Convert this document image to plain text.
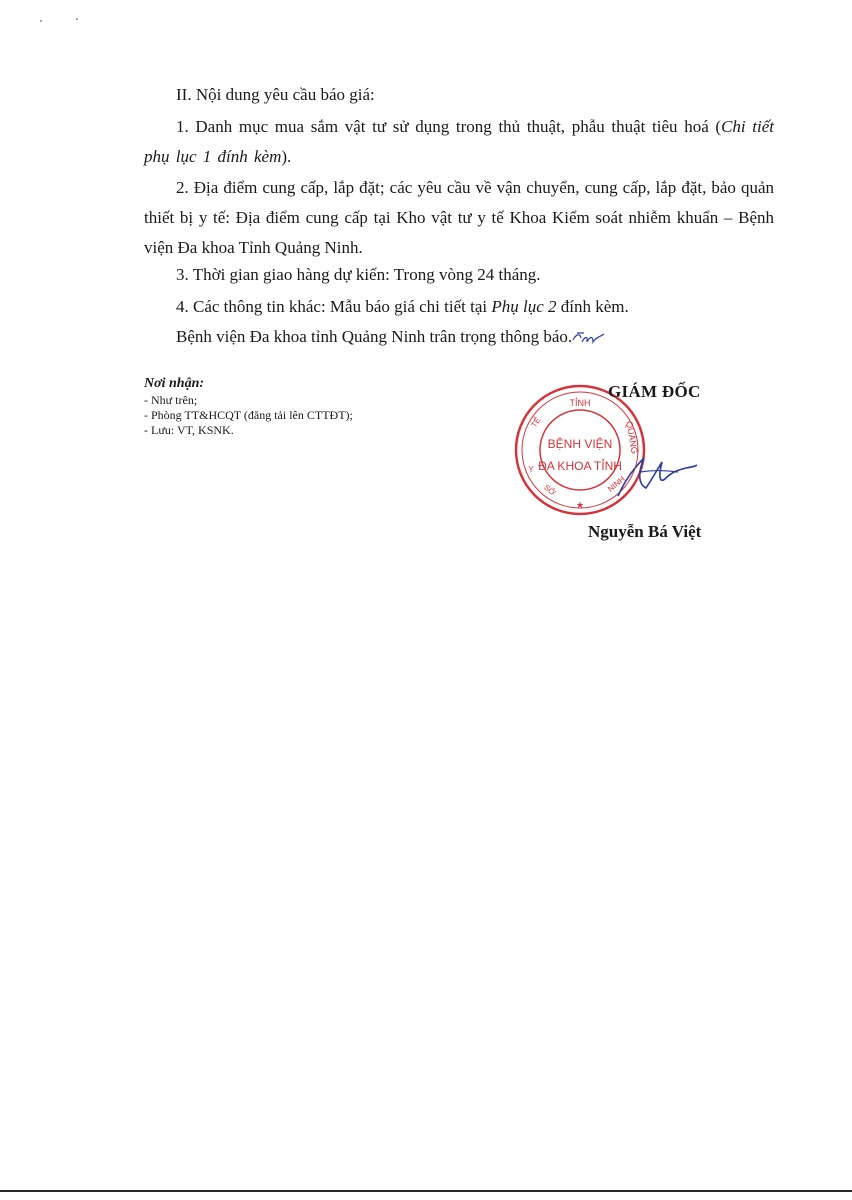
II. Nội dung yêu cầu báo giá:

1. Danh mục mua sắm vật tư sử dụng trong thủ thuật, phẫu thuật tiêu hoá (Chi tiết phụ lục 1 đính kèm).

2. Địa điểm cung cấp, lắp đặt; các yêu cầu về vận chuyển, cung cấp, lắp đặt, bảo quản thiết bị y tế: Địa điểm cung cấp tại Kho vật tư y tế Khoa Kiểm soát nhiễm khuẩn – Bệnh viện Đa khoa Tỉnh Quảng Ninh.

3. Thời gian giao hàng dự kiến: Trong vòng 24 tháng.

4. Các thông tin khác: Mẫu báo giá chi tiết tại Phụ lục 2 đính kèm.

Bệnh viện Đa khoa tỉnh Quảng Ninh trân trọng thông báo.

Nơi nhận:

- Như trên;
- Phòng TT&HCQT (đăng tải lên CTTĐT);
- Lưu: VT, KSNK.
TỈNH
QUẢNG
NINH
TẾ
Y
SỞ
BỆNH VIỆN
ĐA KHOA TỈNH
★

GIÁM ĐỐC

Nguyễn Bá Việt
